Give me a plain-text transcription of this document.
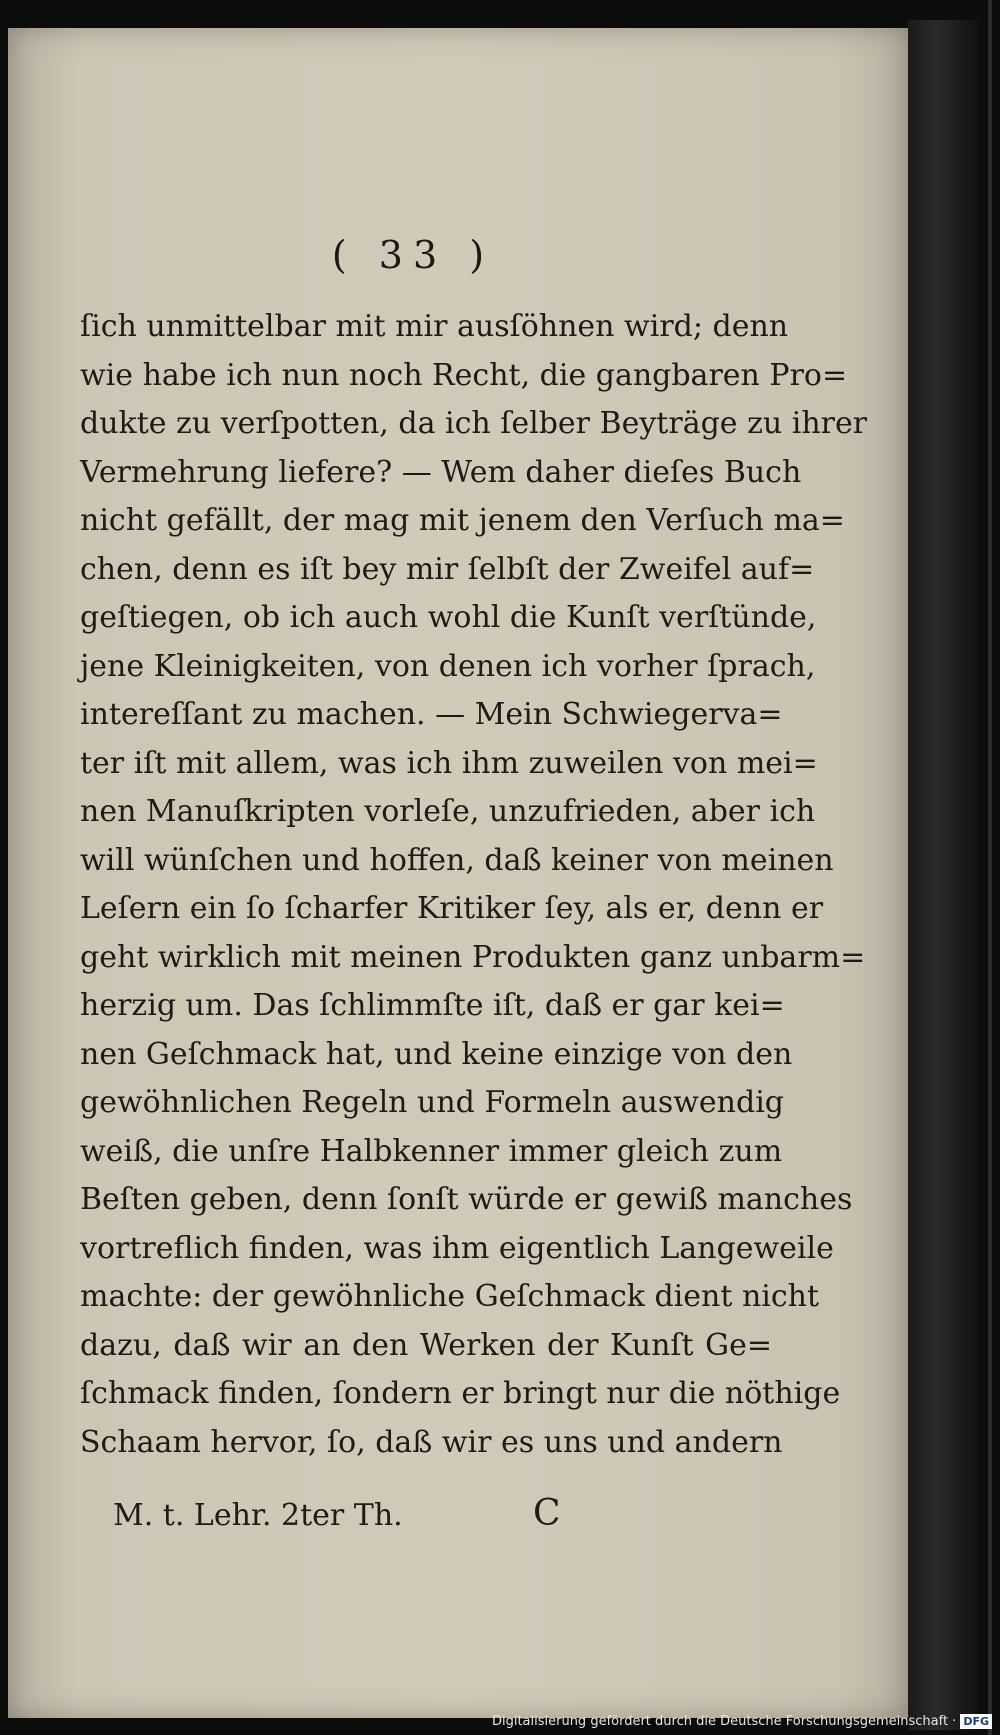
( 33 )
ſich unmittelbar mit mir ausſöhnen wird; denn
wie habe ich nun noch Recht, die gangbaren Pro=
dukte zu verſpotten, da ich ſelber Beyträge zu ihrer
Vermehrung liefere? — Wem daher dieſes Buch
nicht gefällt, der mag mit jenem den Verſuch ma=
chen, denn es iſt bey mir ſelbſt der Zweifel auf=
geſtiegen, ob ich auch wohl die Kunſt verſtünde,
jene Kleinigkeiten, von denen ich vorher ſprach,
intereſſant zu machen. — Mein Schwiegerva=
ter iſt mit allem, was ich ihm zuweilen von mei=
nen Manuſkripten vorleſe, unzufrieden, aber ich
will wünſchen und hoffen, daß keiner von meinen
Leſern ein ſo ſcharfer Kritiker ſey, als er, denn er
geht wirklich mit meinen Produkten ganz unbarm=
herzig um. Das ſchlimmſte iſt, daß er gar kei=
nen Geſchmack hat, und keine einzige von den
gewöhnlichen Regeln und Formeln auswendig
weiß, die unſre Halbkenner immer gleich zum
Beſten geben, denn ſonſt würde er gewiß manches
vortreflich finden, was ihm eigentlich Langeweile
machte: der gewöhnliche Geſchmack dient nicht
dazu, daß wir an den Werken der Kunſt Ge=
ſchmack finden, ſondern er bringt nur die nöthige
Schaam hervor, ſo, daß wir es uns und andern
M. t. Lehr. 2ter Th.	C
Digitalisierung gefördert durch die Deutsche Forschungsgemeinschaft · DFG
